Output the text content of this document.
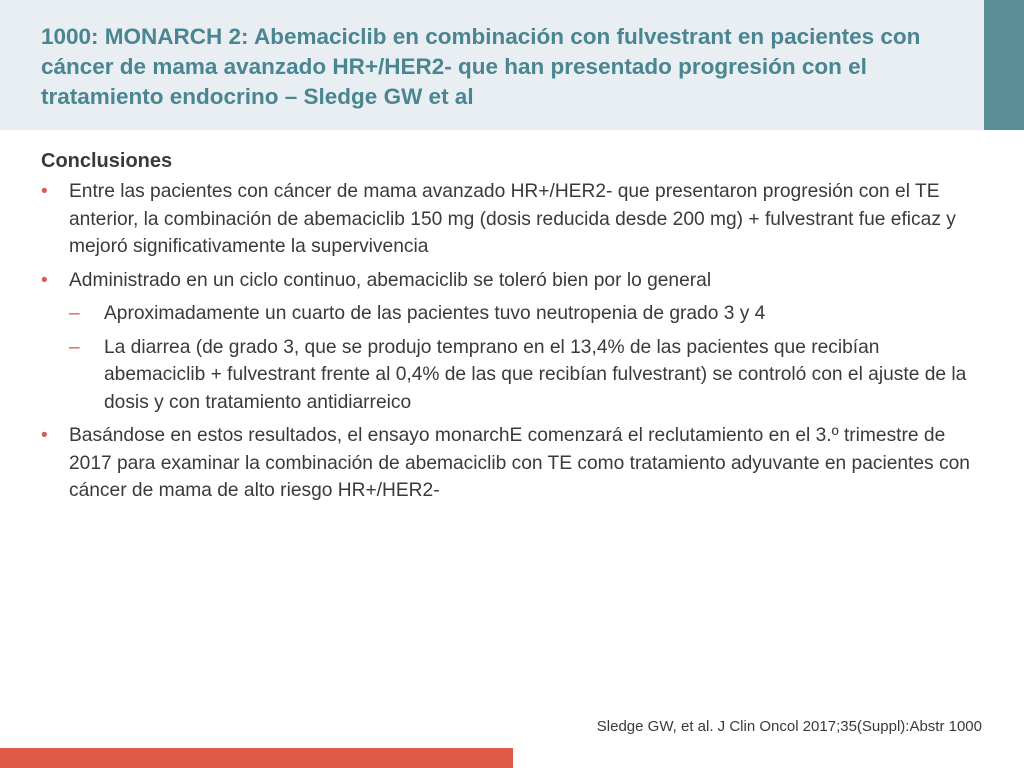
1000: MONARCH 2: Abemaciclib en combinación con fulvestrant en pacientes con cáncer de mama avanzado HR+/HER2- que han presentado progresión con el tratamiento endocrino – Sledge GW et al
Conclusiones
• Entre las pacientes con cáncer de mama avanzado HR+/HER2- que presentaron progresión con el TE anterior, la combinación de abemaciclib 150 mg (dosis reducida desde 200 mg) + fulvestrant fue eficaz y mejoró significativamente la supervivencia
• Administrado en un ciclo continuo, abemaciclib se toleró bien por lo general
– Aproximadamente un cuarto de las pacientes tuvo neutropenia de grado 3 y 4
– La diarrea (de grado 3, que se produjo temprano en el 13,4% de las pacientes que recibían abemaciclib + fulvestrant frente al 0,4% de las que recibían fulvestrant) se controló con el ajuste de la dosis y con tratamiento antidiarreico
• Basándose en estos resultados, el ensayo monarchE comenzará el reclutamiento en el 3.º trimestre de 2017 para examinar la combinación de abemaciclib con TE como tratamiento adyuvante en pacientes con cáncer de mama de alto riesgo HR+/HER2-
Sledge GW, et al. J Clin Oncol 2017;35(Suppl):Abstr 1000
